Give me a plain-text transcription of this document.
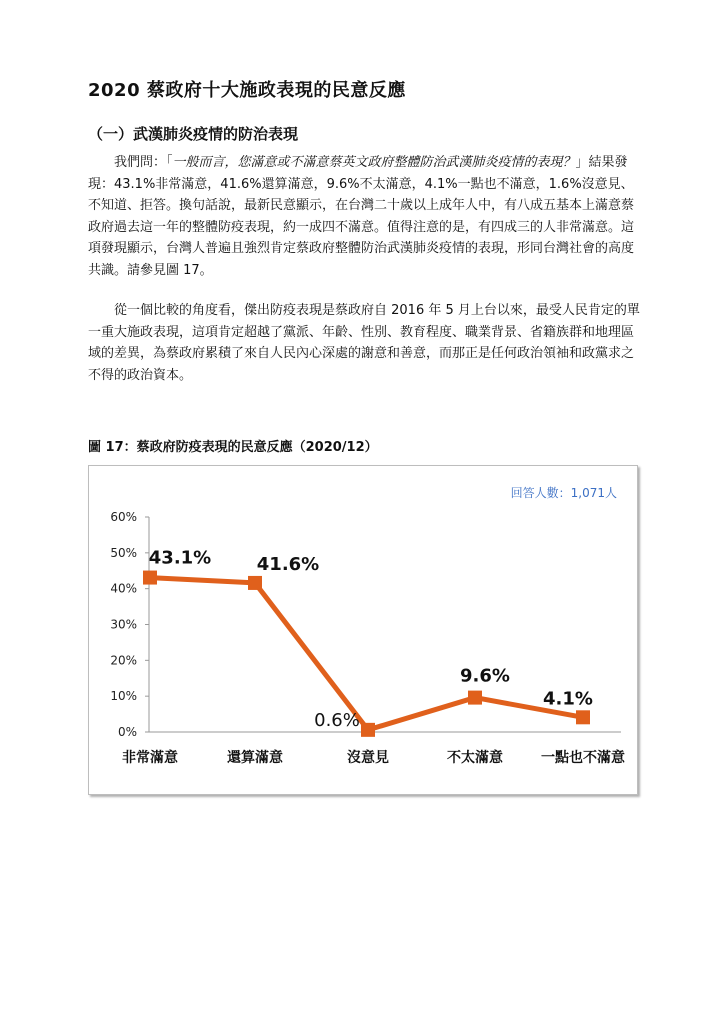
2020 蔡政府十大施政表現的民意反應
（一）武漢肺炎疫情的防治表現
我們問：「一般而言，您滿意或不滿意蔡英文政府整體防治武漢肺炎疫情的表現？」結果發現：43.1%非常滿意，41.6%還算滿意，9.6%不太滿意，4.1%一點也不滿意，1.6%沒意見、不知道、拒答。換句話說，最新民意顯示，在台灣二十歲以上成年人中，有八成五基本上滿意蔡政府過去這一年的整體防疫表現，約一成四不滿意。值得注意的是，有四成三的人非常滿意。這項發現顯示，台灣人普遍且強烈肯定蔡政府整體防治武漢肺炎疫情的表現，形同台灣社會的高度共識。請參見圖 17。
從一個比較的角度看，傑出防疫表現是蔡政府自 2016 年 5 月上台以來，最受人民肯定的單一重大施政表現，這項肯定超越了黨派、年齡、性別、教育程度、職業背景、省籍族群和地理區域的差異，為蔡政府累積了來自人民內心深處的謝意和善意，而那正是任何政治領袖和政黨求之不得的政治資本。
圖 17：蔡政府防疫表現的民意反應（2020/12）
回答人數：1,071人
0%
10%
20%
30%
40%
50%
60%
非常滿意	還算滿意	沒意見	不太滿意	一點也不滿意
43.1%	41.6%
0.6%
9.6%
4.1%
